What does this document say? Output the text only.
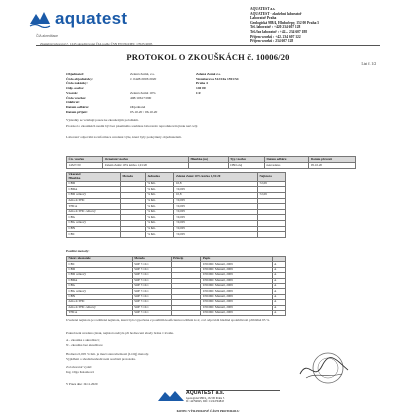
aquatest
ČIA akreditace
AQUATEST a.s.
AQUATEST - zkušební laboratoř
Laboratoř Praha
Geologická 988/4, Hlubočepy, 152 00 Praha 5
Tel. laboratoř : +420 234 607 128
Tel./fax laboratoř : +42... 234 607 188
Příjem vzorků : +42. 234 607 122
Příjem vzorků : 234 607 128
Zkušební laboratoř č. 1245 akreditovaná ČIA podle ČSN EN ISO/IEC 17025:2005
PROTOKOL O ZKOUŠKÁCH č. 10006/20
List č. 1/2
Objednatel:	Zelená Země, z.s.
Číslo objednávky:	č. 0428/2003/2020
Číslo zakázky:
Odp. osoba:
Vzorek:	Zelená Země 10%
Číslo vzorku:	408/10617/000
Odebral:
Datum odběru:	Objednatel
Datum přijetí:	05.10.20 / 06.10.20
Zelená Země z.s.
Wenzlarova 512/10a 1591/54
Praha 4
140 00
CZ
Výsledky se vztahují pouze ke zkoušeným položkám.
Protokol o zkouškách nesmí být bez písemného souhlasu laboratoře reprodukován jinak než celý.
Laboratoř odpovídá za informace uvedené výše, které byly poskytnuty objednatelem.
Čís. vzorku	Označení vzorku	Hloubka (m)	Typ vzorku	Datum odběru	Datum převzetí
14327/20	Zelená Země 10% kávka 1,91/20		CBD olej	neuvedeno	05.10.20
Ukazatel
Hloubka	Metoda	Jednotka	Zelená Země 10% kávka 1,91/20	Nejistota
CBD		% hm.	10,8	±2,09
CBDA		% hm.	<0,005	
CBD celkový		% hm.	10,8	±2,09
delta-9-THC		% hm.	<0,005	
THCA		% hm.	<0,005	
delta-9-THC celkový		% hm.	<0,005	
CBG		% hm.	<0,005	
CBG celkový		% hm.	<0,005	
CBN		% hm.	<0,005	
CBC		% hm.	<0,005	
Použité metody:
Název ukazatele	Metoda	Princip	Popis	
CBC	SOP 7.10.1		UNODC Manuál, 2009	A
CBD	SOP 7.10.1		UNODC Manuál, 2009	A
CBD celkový	SOP 7.10.1		UNODC Manuál, 2009	A
CBDA	SOP 7.10.1		UNODC Manuál, 2009	A
CBG	SOP 7.10.1		UNODC Manuál, 2009	A
CBG celkový	SOP 7.10.1		UNODC Manuál, 2009	A
CBN	SOP 7.10.1		UNODC Manuál, 2009	A
delta-9-THC	SOP 7.10.1		UNODC Manuál, 2009	A
delta-9-THC celkový	SOP 7.10.1		UNODC Manuál, 2009	A
THCA	SOP 7.10.1		UNODC Manuál, 2009	A
Uvedená nejistota je rozšířená nejistota, která byla vypočtena z použitím koeficientu rozšíření k=2, což odpovídá hladině spolehlivosti přibližně 95 %.
Pokud není uvedeno jinak, nejistota nebyla při hodnocení shody brána v úvahu.
A - zkouška s akreditací;
N - zkouška bez akreditace
Hodnota 0,005 % hm. je mezí stanovitelnosti (LOQ) metody.
Vyjádření o shodě/neshodě není součástí protokolu.
Za laboratoř vydal:
Ing. Olga Ksiazková
V Praze dne: 19.11.2020
AQUATEST a.s.
Geologická 988/4, 152 00 Praha 5
IČ: 44794843, DIČ: CZ44794843
KONEC VÝSLEDKOVÉ ČÁSTI PROTOKOLU
